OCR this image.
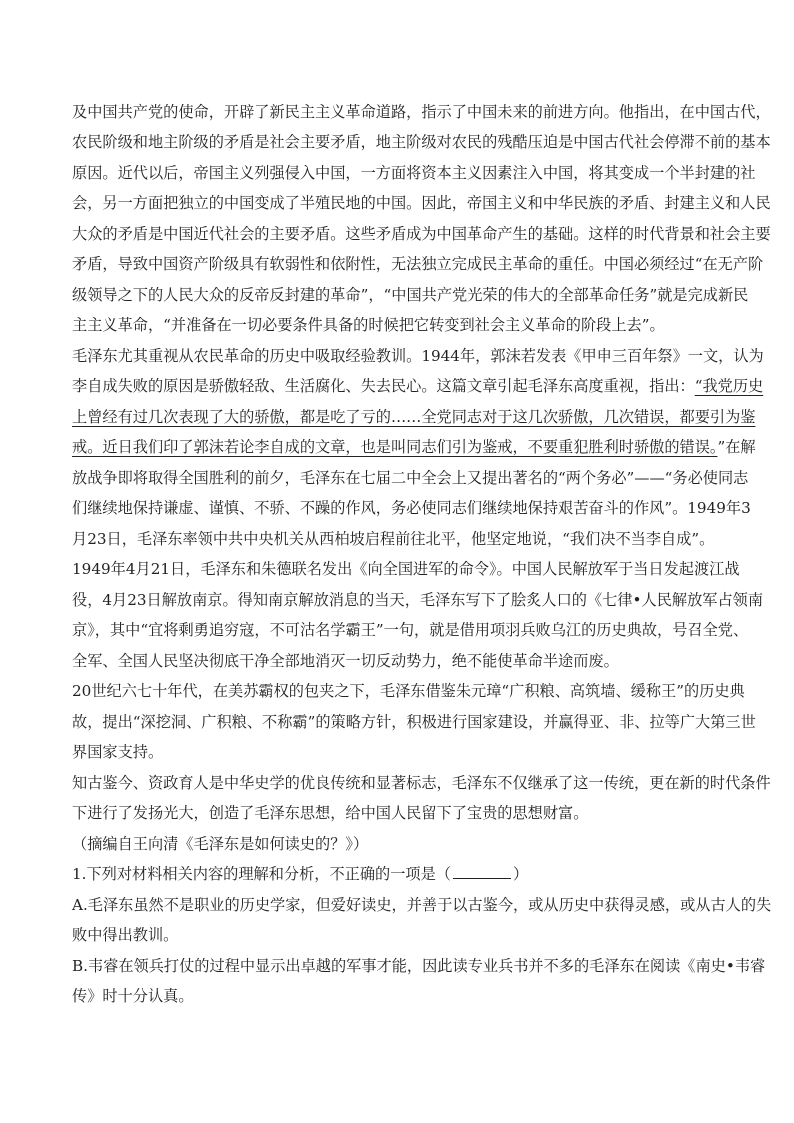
及中国共产党的使命，开辟了新民主主义革命道路，指示了中国未来的前进方向。他指出，在中国古代，
农民阶级和地主阶级的矛盾是社会主要矛盾，地主阶级对农民的残酷压迫是中国古代社会停滞不前的基本
原因。近代以后，帝国主义列强侵入中国，一方面将资本主义因素注入中国，将其变成一个半封建的社
会，另一方面把独立的中国变成了半殖民地的中国。因此，帝国主义和中华民族的矛盾、封建主义和人民
大众的矛盾是中国近代社会的主要矛盾。这些矛盾成为中国革命产生的基础。这样的时代背景和社会主要
矛盾，导致中国资产阶级具有软弱性和依附性，无法独立完成民主革命的重任。中国必须经过“在无产阶
级领导之下的人民大众的反帝反封建的革命”，“中国共产党光荣的伟大的全部革命任务”就是完成新民
主主义革命，“并准备在一切必要条件具备的时候把它转变到社会主义革命的阶段上去”。
毛泽东尤其重视从农民革命的历史中吸取经验教训。1944年，郭沫若发表《甲申三百年祭》一文，认为
李自成失败的原因是骄傲轻敌、生活腐化、失去民心。这篇文章引起毛泽东高度重视，指出：“我党历史
上曾经有过几次表现了大的骄傲，都是吃了亏的……全党同志对于这几次骄傲，几次错误，都要引为鉴
戒。近日我们印了郭沫若论李自成的文章，也是叫同志们引为鉴戒，不要重犯胜利时骄傲的错误。”在解
放战争即将取得全国胜利的前夕，毛泽东在七届二中全会上又提出著名的“两个务必”——“务必使同志
们继续地保持谦虚、谨慎、不骄、不躁的作风，务必使同志们继续地保持艰苦奋斗的作风”。1949年3
月23日，毛泽东率领中共中央机关从西柏坡启程前往北平，他坚定地说，“我们决不当李自成”。
1949年4月21日，毛泽东和朱德联名发出《向全国进军的命令》。中国人民解放军于当日发起渡江战
役，4月23日解放南京。得知南京解放消息的当天，毛泽东写下了脍炙人口的《七律•人民解放军占领南
京》，其中“宜将剩勇追穷寇，不可沽名学霸王”一句，就是借用项羽兵败乌江的历史典故，号召全党、
全军、全国人民坚决彻底干净全部地消灭一切反动势力，绝不能使革命半途而废。
20世纪六七十年代，在美苏霸权的包夹之下，毛泽东借鉴朱元璋“广积粮、高筑墙、缓称王”的历史典
故，提出“深挖洞、广积粮、不称霸”的策略方针，积极进行国家建设，并赢得亚、非、拉等广大第三世
界国家支持。
知古鉴今、资政育人是中华史学的优良传统和显著标志，毛泽东不仅继承了这一传统，更在新的时代条件
下进行了发扬光大，创造了毛泽东思想，给中国人民留下了宝贵的思想财富。
（摘编自王向清《毛泽东是如何读史的？》）
1.下列对材料相关内容的理解和分析，不正确的一项是（	）
A.毛泽东虽然不是职业的历史学家，但爱好读史，并善于以古鉴今，或从历史中获得灵感，或从古人的失
败中得出教训。
B.韦睿在领兵打仗的过程中显示出卓越的军事才能，因此读专业兵书并不多的毛泽东在阅读《南史•韦睿
传》时十分认真。
